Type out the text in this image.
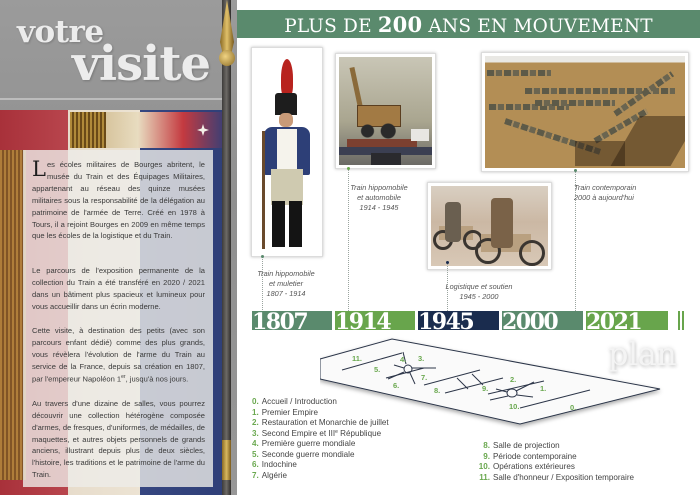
votre
visite

Les écoles militaires de Bourges abritent, le musée du Train et des Équipages Militaires, appartenant au réseau des quinze musées militaires sous la responsabilité de la délégation au patrimoine de l'armée de Terre. Créé en 1978 à Tours, il a rejoint Bourges en 2009 en même temps que les écoles de la logistique et du Train.

Le parcours de l'exposition permanente de la collection du Train a été transféré en 2020 / 2021 dans un bâtiment plus spacieux et lumineux pour vous accueillir dans un écrin moderne.

Cette visite, à destination des petits (avec son parcours enfant dédié) comme des plus grands, vous révèlera l'évolution de l'arme du Train au service de la France, depuis sa création en 1807, par l'empereur Napoléon 1er, jusqu'à nos jours.

Au travers d'une dizaine de salles, vous pourrez découvrir une collection hétérogène composée d'armes, de fresques, d'uniformes, de médailles, de maquettes, et autres objets personnels de grands anciens, illustrant depuis plus de deux siècles, l'histoire, les traditions et le patrimoine de l'arme du Train.

PLUS DE 200 ANS EN MOUVEMENT
Train hippomobile
et muletier
1807 - 1914
Train hippomobile
et automobile
1914 - 1945
Logistique et soutien
1945 - 2000
Train contemporain
2000 à aujourd'hui
1807 1914 1945 2000 2021
plan
11.	4. 3.
5.
7.
6.
8.	9.
2.
1.
10.	0.
0. Accueil / Introduction
1. Premier Empire
2. Restauration et Monarchie de juillet
3. Second Empire et III e République
4. Première guerre mondiale
5. Seconde guerre mondiale
6. Indochine
7. Algérie
8. Salle de projection
9. Période contemporaine
10. Opérations extérieures
11. Salle d'honneur / Exposition temporaire
